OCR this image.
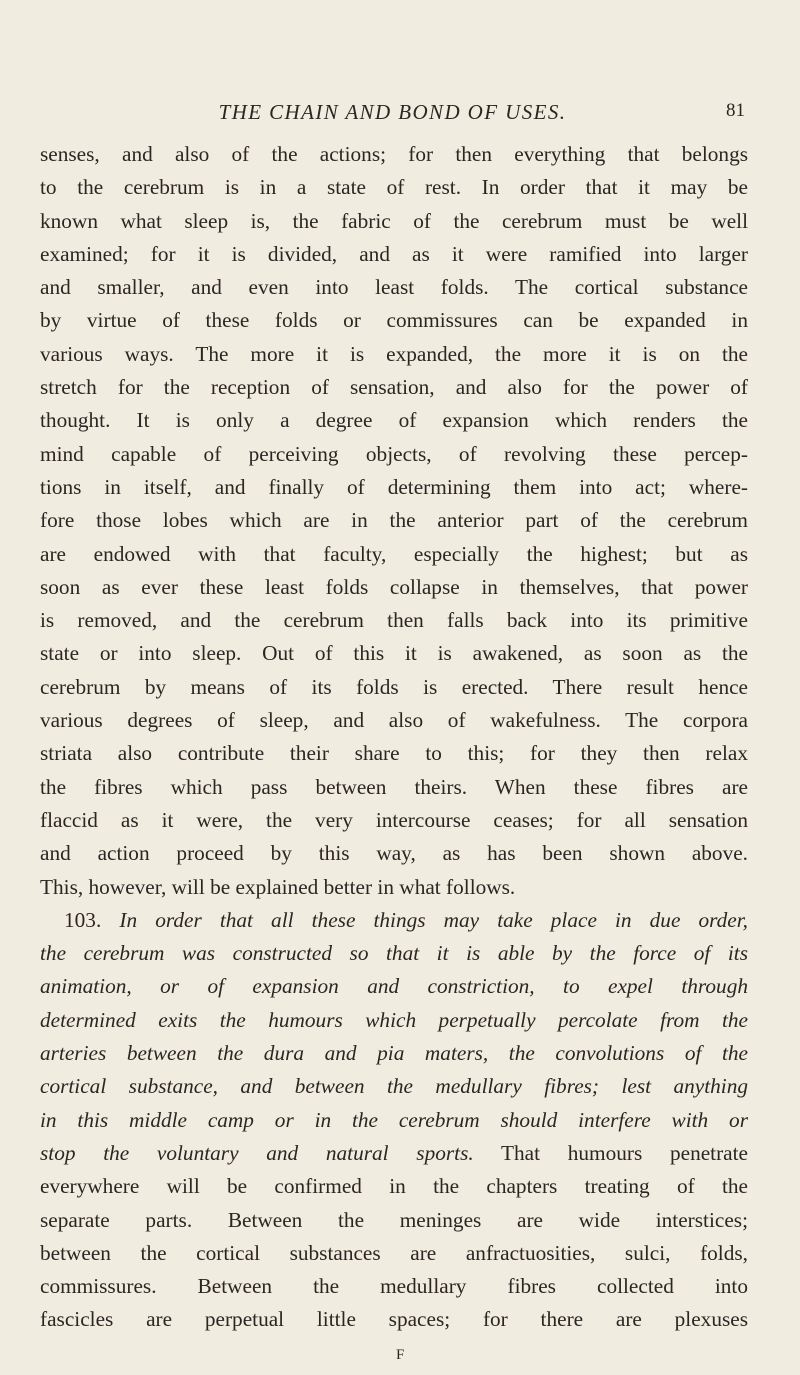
THE CHAIN AND BOND OF USES.	81
senses, and also of the actions; for then everything that belongs
to the cerebrum is in a state of rest. In order that it may be
known what sleep is, the fabric of the cerebrum must be well
examined; for it is divided, and as it were ramified into larger
and smaller, and even into least folds. The cortical substance
by virtue of these folds or commissures can be expanded in
various ways. The more it is expanded, the more it is on the
stretch for the reception of sensation, and also for the power of
thought. It is only a degree of expansion which renders the
mind capable of perceiving objects, of revolving these percep-
tions in itself, and finally of determining them into act; where-
fore those lobes which are in the anterior part of the cerebrum
are endowed with that faculty, especially the highest; but as
soon as ever these least folds collapse in themselves, that power
is removed, and the cerebrum then falls back into its primitive
state or into sleep. Out of this it is awakened, as soon as the
cerebrum by means of its folds is erected. There result hence
various degrees of sleep, and also of wakefulness. The corpora
striata also contribute their share to this; for they then relax
the fibres which pass between theirs. When these fibres are
flaccid as it were, the very intercourse ceases; for all sensation
and action proceed by this way, as has been shown above.
This, however, will be explained better in what follows.
103. In order that all these things may take place in due order,
the cerebrum was constructed so that it is able by the force of its
animation, or of expansion and constriction, to expel through
determined exits the humours which perpetually percolate from the
arteries between the dura and pia maters, the convolutions of the
cortical substance, and between the medullary fibres; lest anything
in this middle camp or in the cerebrum should interfere with or
stop the voluntary and natural sports. That humours penetrate
everywhere will be confirmed in the chapters treating of the
separate parts. Between the meninges are wide interstices;
between the cortical substances are anfractuosities, sulci, folds,
commissures. Between the medullary fibres collected into
fascicles are perpetual little spaces; for there are plexuses
F
